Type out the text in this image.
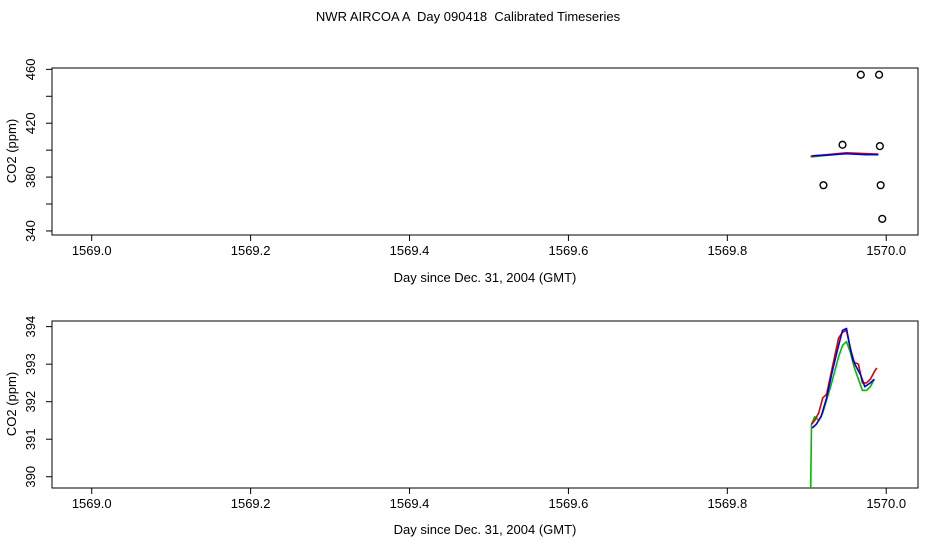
NWR AIRCOA A  Day 090418  Calibrated Timeseries
1569.0	1569.2	1569.4	1569.6	1569.8	1570.0
340
380
420
460
Day since Dec. 31, 2004 (GMT)
CO2 (ppm)
1569.0	1569.2	1569.4	1569.6	1569.8	1570.0
390
391
392
393
394
Day since Dec. 31, 2004 (GMT)
CO2 (ppm)
